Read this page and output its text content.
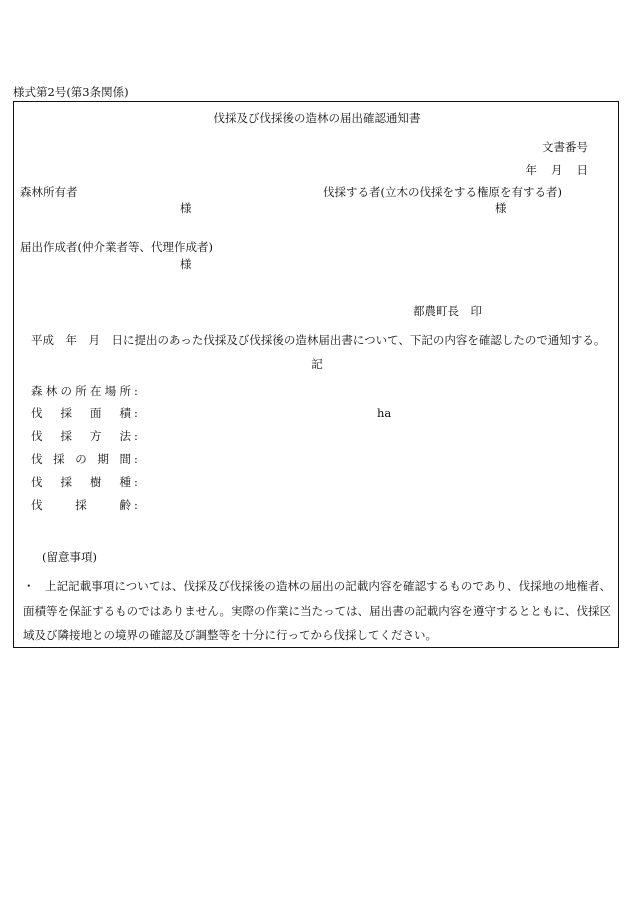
様式第2号(第3条関係)
伐採及び伐採後の造林の届出確認通知書
文書番号
年 月 日
森林所有者
様
伐採する者(立木の伐採をする権原を有する者)
様
届出作成者(仲介業者等、代理作成者)
様
都農町長　印
平成　年　月　日に提出のあった伐採及び伐採後の造林届出書について、下記の内容を確認したので通知する。
記
森林の所在場所 :
伐採面積 :	ha
伐採方法 :
伐採の期間 :
伐採樹種 :
伐採齢 :
(留意事項)
・ 上記記載事項については、伐採及び伐採後の造林の届出の記載内容を確認するものであり、伐採地の地権者、面積等を保証するものではありません。実際の作業に当たっては、届出書の記載内容を遵守するとともに、伐採区域及び隣接地との境界の確認及び調整等を十分に行ってから伐採してください。
